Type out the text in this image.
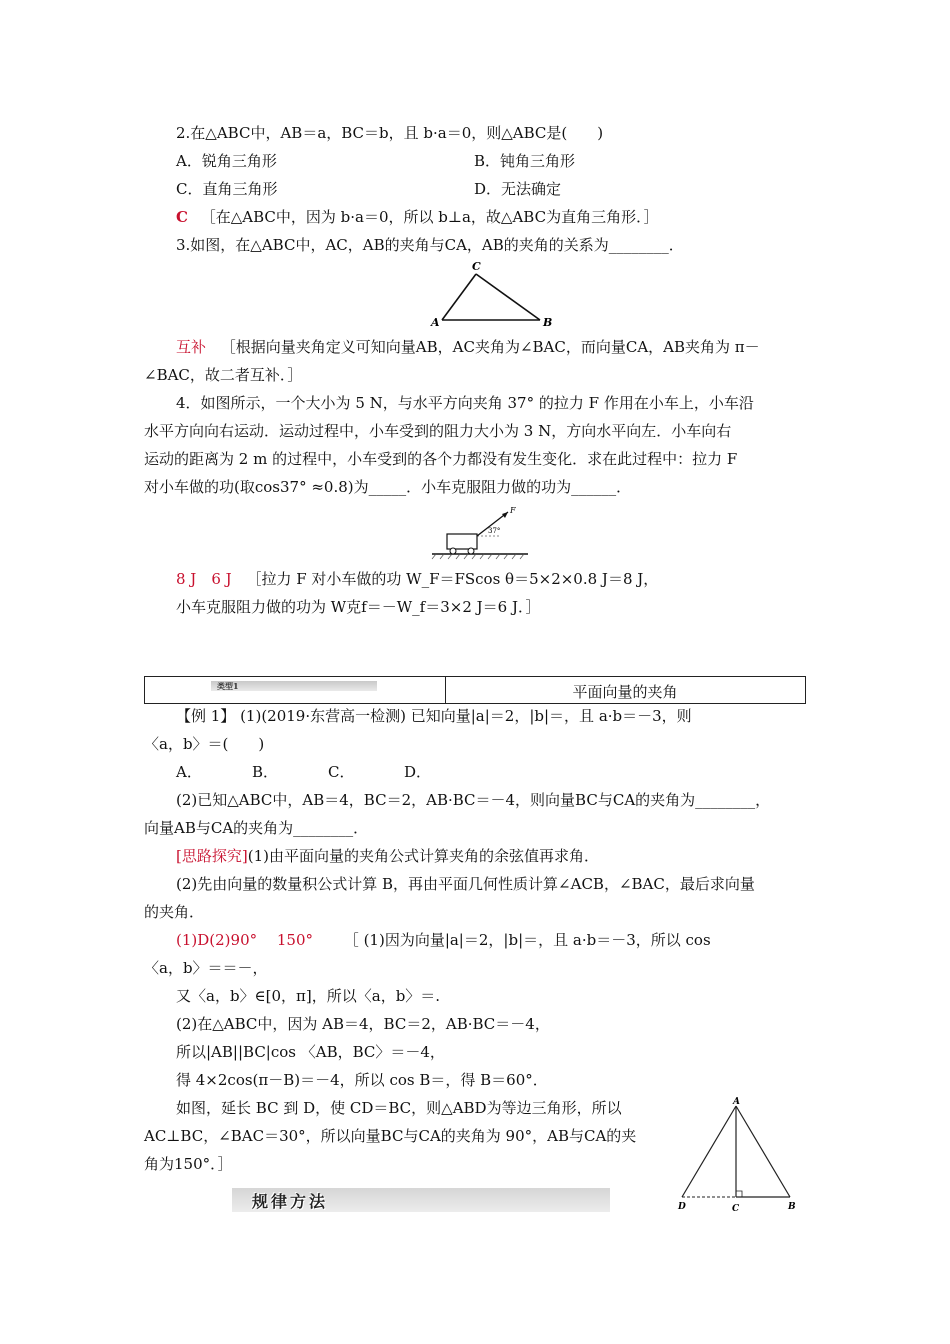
2.在△ABC中，AB＝a，BC＝b，且 b·a＝0，则△ABC是(　　)
A．锐角三角形	B．钝角三角形
C．直角三角形	D．无法确定
C ［在△ABC中，因为 b·a＝0，所以 b⊥a，故△ABC为直角三角形．］
3.如图，在△ABC中，AC，AB的夹角与CA，AB的夹角的关系为________．
A
C
B
互补 ［根据向量夹角定义可知向量AB，AC夹角为∠BAC，而向量CA，AB夹角为 π－
∠BAC，故二者互补．］
4．如图所示，一个大小为 5 N，与水平方向夹角 37° 的拉力 F 作用在小车上，小车沿
水平方向向右运动．运动过程中，小车受到的阻力大小为 3 N，方向水平向左．小车向右
运动的距离为 2 m 的过程中，小车受到的各个力都没有发生变化．求在此过程中：拉力 F
对小车做的功(取cos37° ≈0.8)为_____．小车克服阻力做的功为______．
F
37°
8 J　6 J ［拉力 F 对小车做的功 W_F＝FScos θ＝5×2×0.8 J＝8 J，
小车克服阻力做的功为 W克f＝－W_f＝3×2 J＝6 J．］
类型1	平面向量的夹角
【例 1】 (1)(2019·东营高一检测) 已知向量|a|＝2，|b|＝，且 a·b＝－3，则
〈a，b〉＝(　　)
A．	B．	C．	D．
(2)已知△ABC中，AB＝4，BC＝2，AB·BC＝－4，则向量BC与CA的夹角为________，
向量AB与CA的夹角为________．
[思路探究](1)由平面向量的夹角公式计算夹角的余弦值再求角．
(2)先由向量的数量积公式计算 B，再由平面几何性质计算∠ACB，∠BAC，最后求向量
的夹角．
(1)D(2)90°　 150° ［ (1)因为向量|a|＝2，|b|＝，且 a·b＝－3，所以 cos
〈a，b〉＝＝－，
又〈a，b〉∈[0，π]，所以〈a，b〉＝.
(2)在△ABC中，因为 AB＝4，BC＝2，AB·BC＝－4，
所以|AB||BC|cos 〈AB，BC〉＝－4，
得 4×2cos(π－B)＝－4，所以 cos B＝，得 B＝60°．
如图，延长 BC 到 D，使 CD＝BC，则△ABD为等边三角形，所以
AC⊥BC，∠BAC＝30°，所以向量BC与CA的夹角为 90°，AB与CA的夹
角为150°．］
A
D	C	B
规律方法
